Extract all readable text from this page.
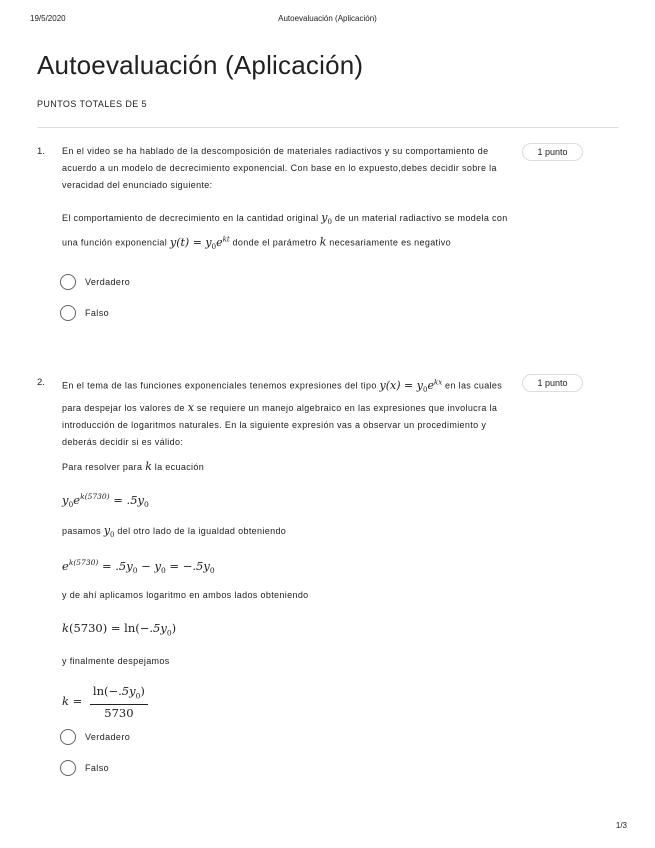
19/5/2020	Autoevaluación (Aplicación)
Autoevaluación (Aplicación)
PUNTOS TOTALES DE 5
1. En el video se ha hablado de la descomposición de materiales radiactivos y su comportamiento de acuerdo a un modelo de decrecimiento exponencial. Con base en lo expuesto,debes decidir sobre la veracidad del enunciado siguiente:

El comportamiento de decrecimiento en la cantidad original $y_0$ de un material radiactivo se modela con una función exponencial $y(t) = y_0e^{kt}$ donde el parámetro k necesariamente es negativo

1 punto
Verdadero
Falso
2. En el tema de las funciones exponenciales tenemos expresiones del tipo $y(x) = y_0e^{kx}$ en las cuales para despejar los valores de x se requiere un manejo algebraico en las expresiones que involucra la introducción de logaritmos naturales. En la siguiente expresión vas a observar un procedimiento y deberás decidir si es válido:

1 punto
Para resolver para k la ecuación
$y_0e^{k(5730)} = .5y_0$
pasamos $y_0$ del otro lado de la igualdad obteniendo
$e^{k(5730)} = .5y_0 - y_0 = -.5y_0$
y de ahí aplicamos logaritmo en ambos lados obteniendo
$k(5730) = \ln(-.5y_0)$
y finalmente despejamos
$k = \frac{\ln(-.5y_0)}{5730}$
Verdadero
Falso
1/3
